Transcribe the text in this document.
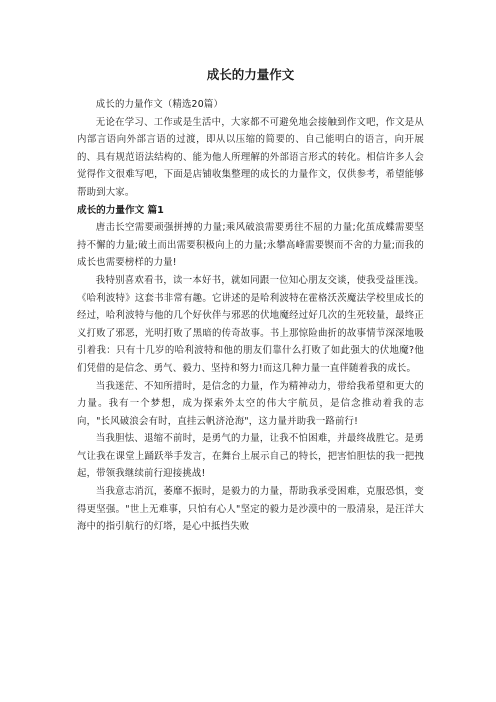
成长的力量作文

成长的力量作文（精选20篇）

无论在学习、工作或是生活中，大家都不可避免地会接触到作文吧，作文是从内部言语向外部言语的过渡，即从以压缩的简要的、自己能明白的语言，向开展的、具有规范语法结构的、能为他人所理解的外部语言形式的转化。相信许多人会觉得作文很难写吧，下面是店铺收集整理的成长的力量作文，仅供参考，希望能够帮助到大家。

成长的力量作文 篇1

唐击长空需要顽强拼搏的力量;乘风破浪需要勇往不屈的力量;化茧成蝶需要坚持不懈的力量;破土而出需要积极向上的力量;永攀高峰需要锲而不舍的力量;而我的成长也需要榜样的力量!

我特别喜欢看书，读一本好书，就如同跟一位知心朋友交谈，使我受益匪浅。《哈利波特》这套书非常有趣。它讲述的是哈利波特在霍格沃茨魔法学校里成长的经过，哈利波特与他的几个好伙伴与邪恶的伏地魔经过好几次的生死较量，最终正义打败了邪恶，光明打败了黑暗的传奇故事。书上那惊险曲折的故事情节深深地吸引着我：只有十几岁的哈利波特和他的朋友们靠什么打败了如此强大的伏地魔?他们凭借的是信念、勇气、毅力、坚持和努力!而这几种力量一直伴随着我的成长。

当我迷茫、不知所措时，是信念的力量，作为精神动力，带给我希望和更大的力量。我有一个梦想，成为探索外太空的伟大宇航员，是信念推动着我的志向，"长风破浪会有时，直挂云帆济沧海"，这力量并助我一路前行!

当我胆怯、退缩不前时，是勇气的力量，让我不怕困难，并最终战胜它。是勇气让我在课堂上踊跃举手发言，在舞台上展示自己的特长，把害怕胆怯的我一把拽起，带领我继续前行迎接挑战!

当我意志消沉，萎靡不振时，是毅力的力量，帮助我承受困难，克服恐惧，变得更坚强。"世上无难事，只怕有心人"坚定的毅力是沙漠中的一股清泉，是汪洋大海中的指引航行的灯塔，是心中抵挡失败
